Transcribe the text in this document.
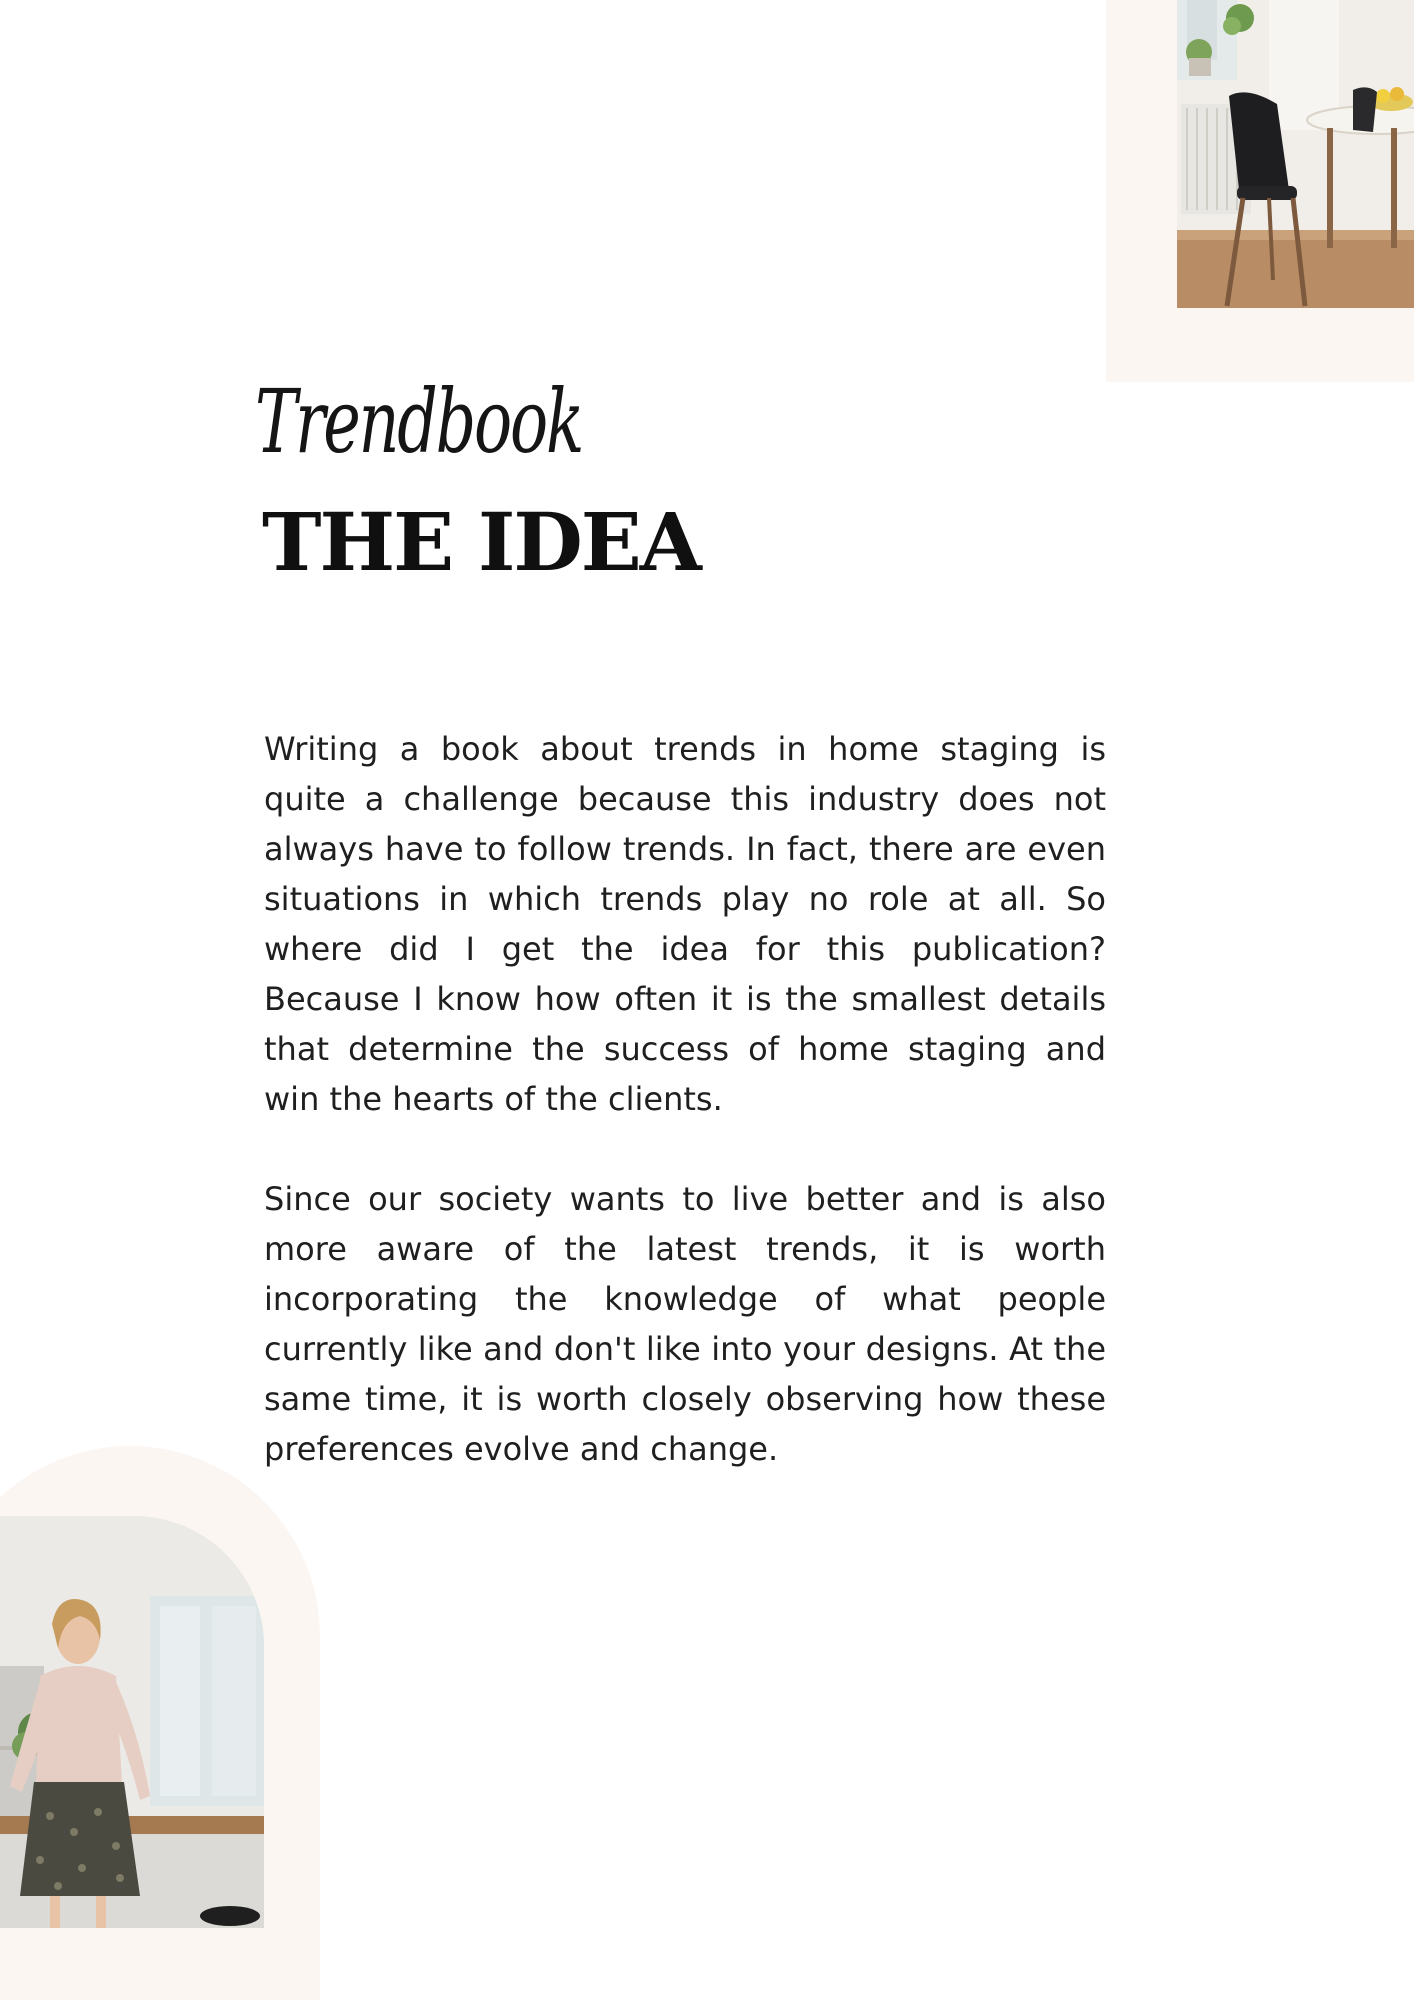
Trendbook
THE IDEA

Writing a book about trends in home staging is quite a challenge because this industry does not always have to follow trends. In fact, there are even situations in which trends play no role at all. So where did I get the idea for this publication? Because I know how often it is the smallest details that determine the success of home staging and win the hearts of the clients.

Since our society wants to live better and is also more aware of the latest trends, it is worth incorporating the knowledge of what people currently like and don't like into your designs. At the same time, it is worth closely observing how these preferences evolve and change.
